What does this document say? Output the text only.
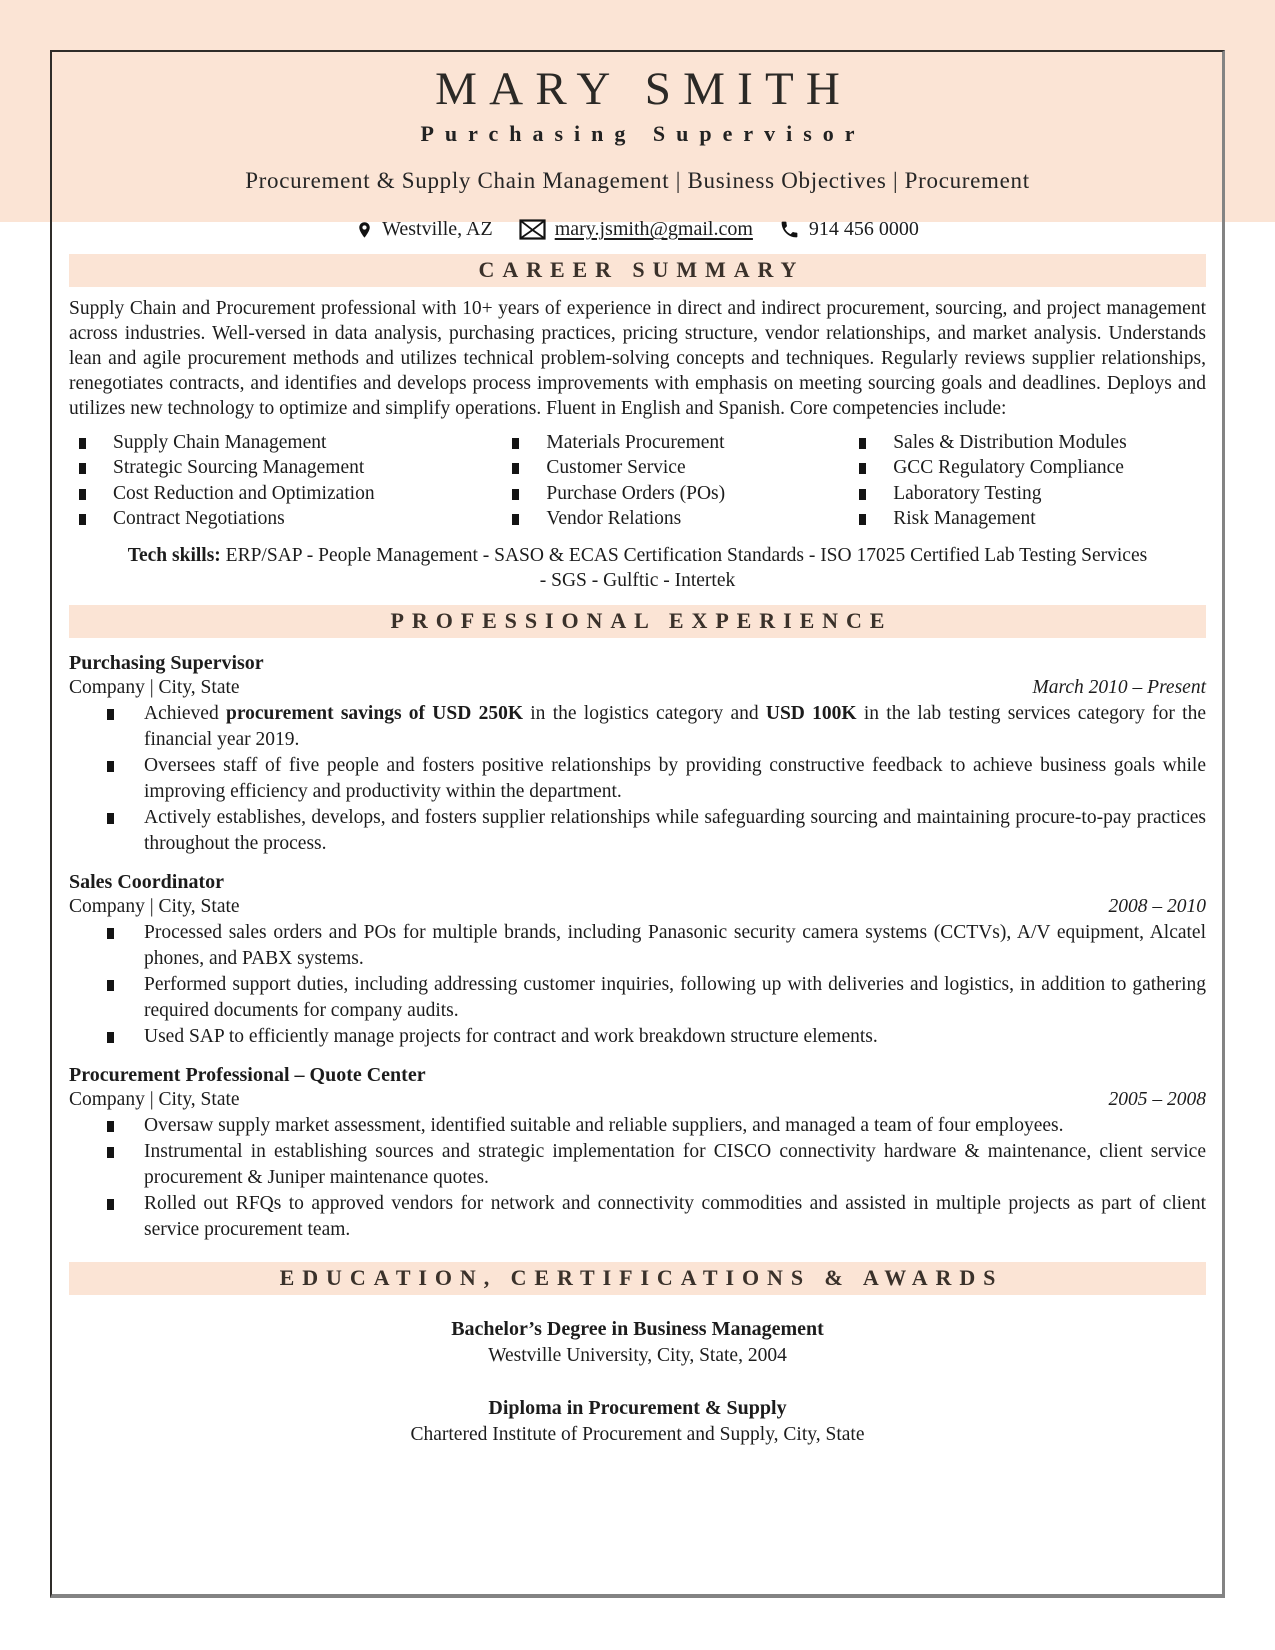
MARY SMITH
Purchasing Supervisor
Procurement & Supply Chain Management | Business Objectives | Procurement
Westville, AZ	mary.jsmith@gmail.com	914 456 0000
CAREER SUMMARY

Supply Chain and Procurement professional with 10+ years of experience in direct and indirect procurement, sourcing, and project management across industries. Well-versed in data analysis, purchasing practices, pricing structure, vendor relationships, and market analysis. Understands lean and agile procurement methods and utilizes technical problem-solving concepts and techniques. Regularly reviews supplier relationships, renegotiates contracts, and identifies and develops process improvements with emphasis on meeting sourcing goals and deadlines. Deploys and utilizes new technology to optimize and simplify operations. Fluent in English and Spanish. Core competencies include:

Supply Chain Management
Strategic Sourcing Management
Cost Reduction and Optimization
Contract Negotiations
Materials Procurement
Customer Service
Purchase Orders (POs)
Vendor Relations
Sales & Distribution Modules
GCC Regulatory Compliance
Laboratory Testing
Risk Management

Tech skills: ERP/SAP - People Management - SASO & ECAS Certification Standards - ISO 17025 Certified Lab Testing Services - SGS - Gulftic - Intertek

PROFESSIONAL EXPERIENCE
Purchasing Supervisor
Company | City, State	March 2010 – Present

Achieved procurement savings of USD 250K in the logistics category and USD 100K in the lab testing services category for the financial year 2019.

Oversees staff of five people and fosters positive relationships by providing constructive feedback to achieve business goals while improving efficiency and productivity within the department.

Actively establishes, develops, and fosters supplier relationships while safeguarding sourcing and maintaining procure-to-pay practices throughout the process.

Sales Coordinator
Company | City, State	2008 – 2010

Processed sales orders and POs for multiple brands, including Panasonic security camera systems (CCTVs), A/V equipment, Alcatel phones, and PABX systems.

Performed support duties, including addressing customer inquiries, following up with deliveries and logistics, in addition to gathering required documents for company audits.

Used SAP to efficiently manage projects for contract and work breakdown structure elements.

Procurement Professional – Quote Center
Company | City, State	2005 – 2008

Oversaw supply market assessment, identified suitable and reliable suppliers, and managed a team of four employees.

Instrumental in establishing sources and strategic implementation for CISCO connectivity hardware & maintenance, client service procurement & Juniper maintenance quotes.

Rolled out RFQs to approved vendors for network and connectivity commodities and assisted in multiple projects as part of client service procurement team.

EDUCATION, CERTIFICATIONS & AWARDS
Bachelor’s Degree in Business Management
Westville University, City, State, 2004
Diploma in Procurement & Supply
Chartered Institute of Procurement and Supply, City, State
